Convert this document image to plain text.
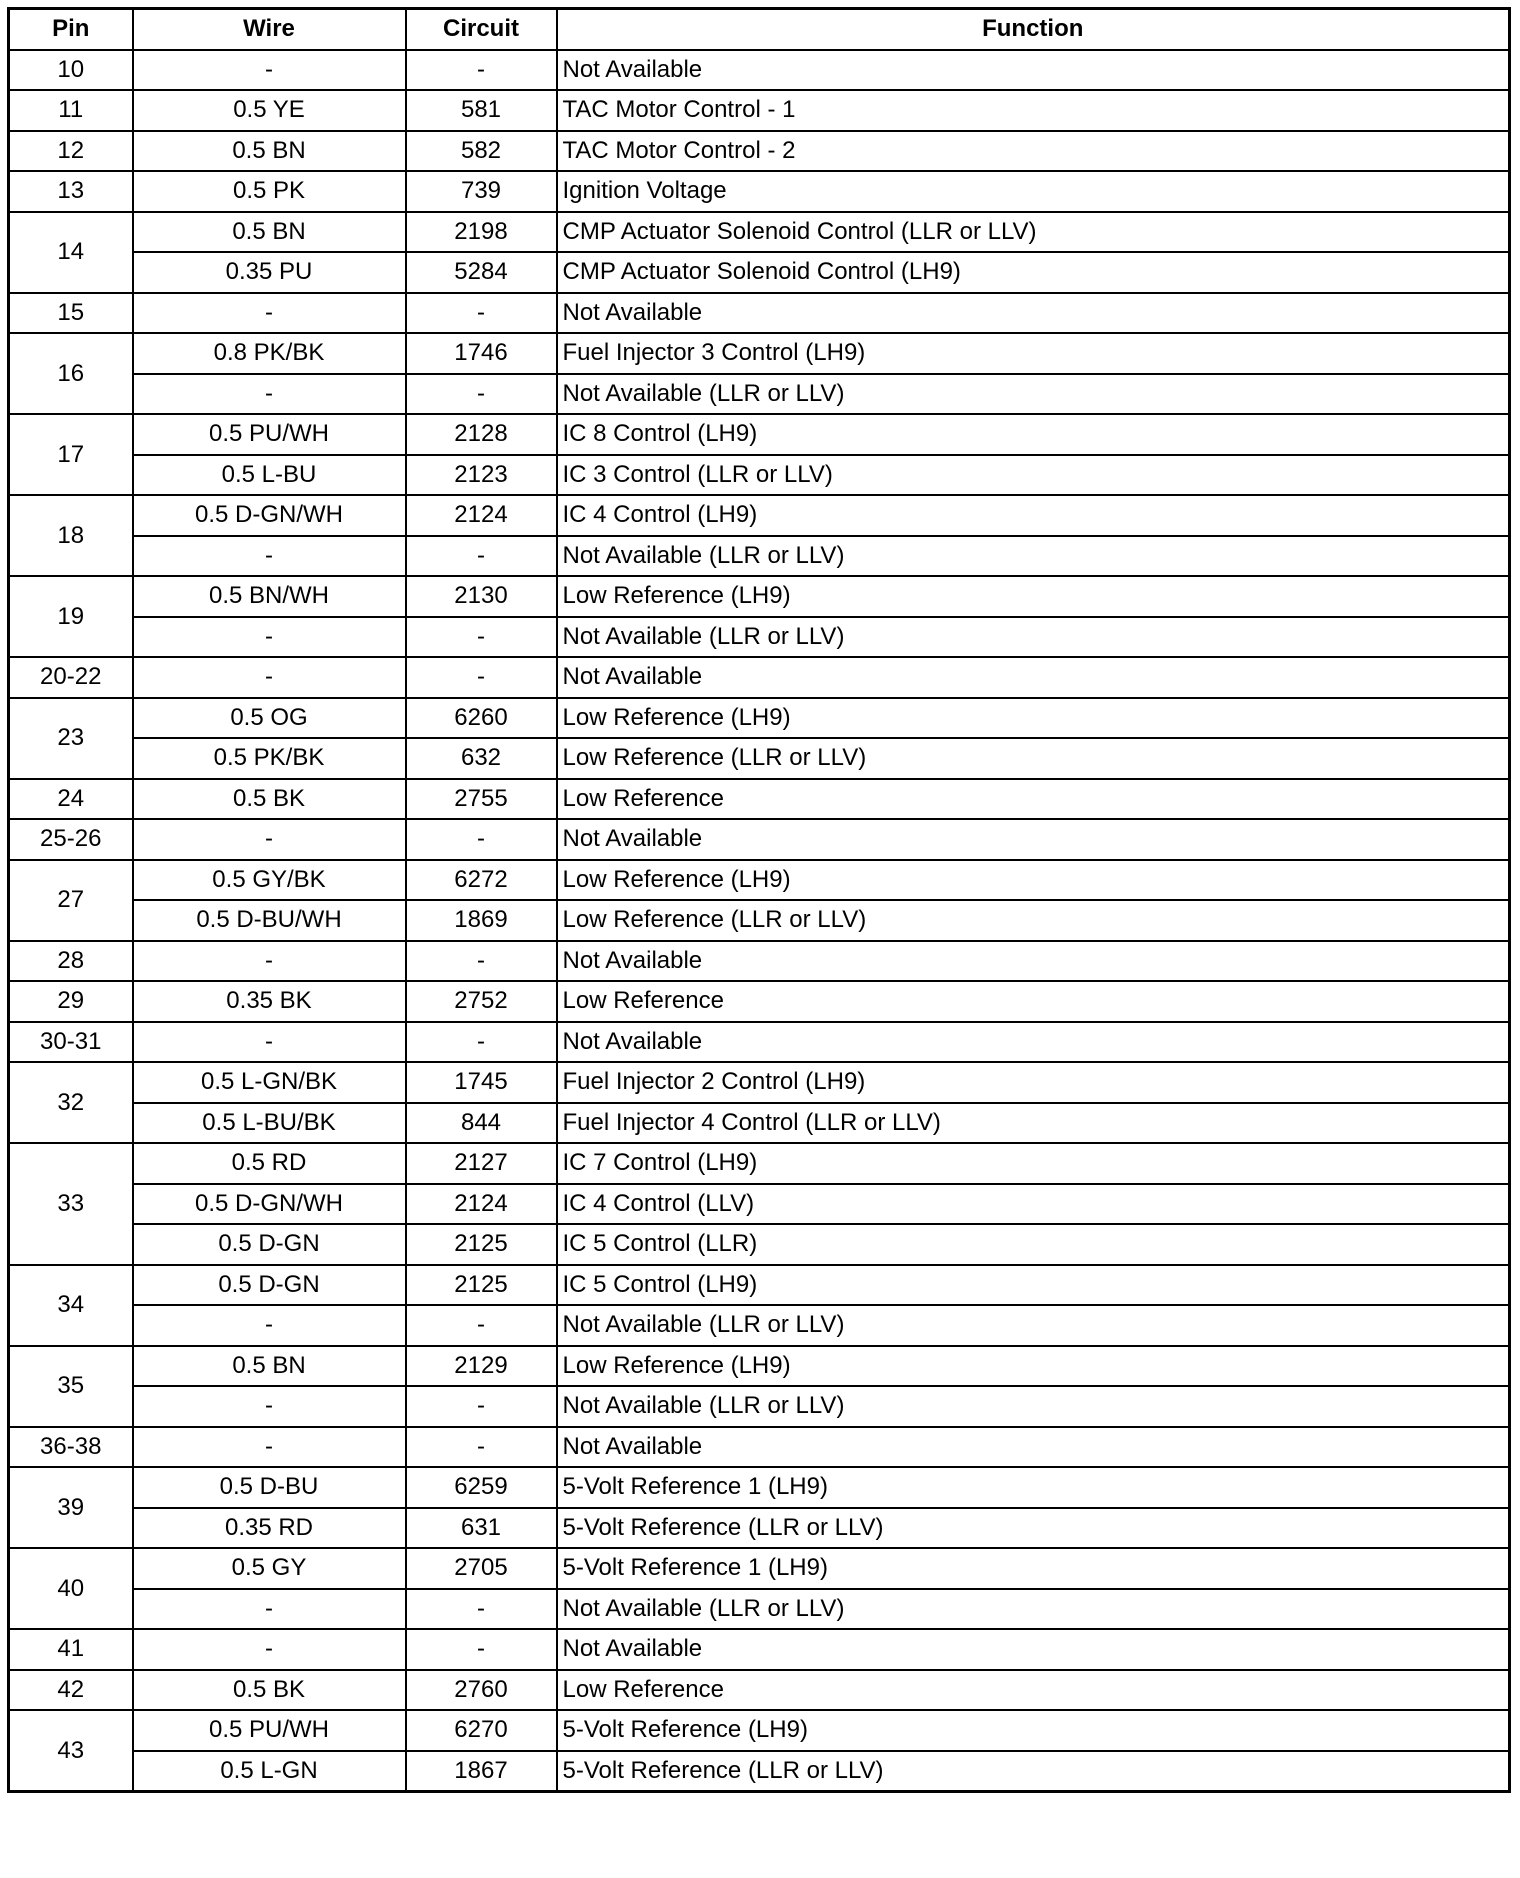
Pin	Wire	Circuit	Function
10	-	-	Not Available
11	0.5 YE	581	TAC Motor Control - 1
12	0.5 BN	582	TAC Motor Control - 2
13	0.5 PK	739	Ignition Voltage
14	0.5 BN	2198	CMP Actuator Solenoid Control (LLR or LLV)
	0.35 PU	5284	CMP Actuator Solenoid Control (LH9)
15	-	-	Not Available
16	0.8 PK/BK	1746	Fuel Injector 3 Control (LH9)
	-	-	Not Available (LLR or LLV)
17	0.5 PU/WH	2128	IC 8 Control (LH9)
	0.5 L-BU	2123	IC 3 Control (LLR or LLV)
18	0.5 D-GN/WH	2124	IC 4 Control (LH9)
	-	-	Not Available (LLR or LLV)
19	0.5 BN/WH	2130	Low Reference (LH9)
	-	-	Not Available (LLR or LLV)
20-22	-	-	Not Available
23	0.5 OG	6260	Low Reference (LH9)
	0.5 PK/BK	632	Low Reference (LLR or LLV)
24	0.5 BK	2755	Low Reference
25-26	-	-	Not Available
27	0.5 GY/BK	6272	Low Reference (LH9)
	0.5 D-BU/WH	1869	Low Reference (LLR or LLV)
28	-	-	Not Available
29	0.35 BK	2752	Low Reference
30-31	-	-	Not Available
32	0.5 L-GN/BK	1745	Fuel Injector 2 Control (LH9)
	0.5 L-BU/BK	844	Fuel Injector 4 Control (LLR or LLV)
33	0.5 RD	2127	IC 7 Control (LH9)
	0.5 D-GN/WH	2124	IC 4 Control (LLV)
	0.5 D-GN	2125	IC 5 Control (LLR)
34	0.5 D-GN	2125	IC 5 Control (LH9)
	-	-	Not Available (LLR or LLV)
35	0.5 BN	2129	Low Reference (LH9)
	-	-	Not Available (LLR or LLV)
36-38	-	-	Not Available
39	0.5 D-BU	6259	5-Volt Reference 1 (LH9)
	0.35 RD	631	5-Volt Reference (LLR or LLV)
40	0.5 GY	2705	5-Volt Reference 1 (LH9)
	-	-	Not Available (LLR or LLV)
41	-	-	Not Available
42	0.5 BK	2760	Low Reference
43	0.5 PU/WH	6270	5-Volt Reference (LH9)
	0.5 L-GN	1867	5-Volt Reference (LLR or LLV)
